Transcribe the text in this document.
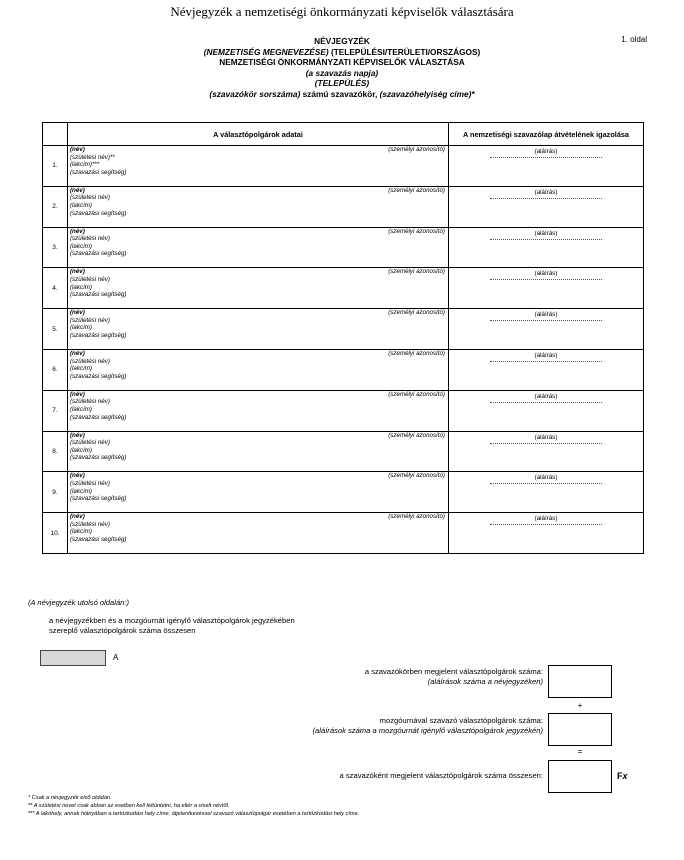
Névjegyzék a nemzetiségi önkormányzati képviselők választására
1. oldal
NÉVJEGYZÉK
(NEMZETISÉG MEGNEVEZÉSE) (TELEPÜLÉSI/TERÜLETI/ORSZÁGOS)
NEMZETISÉGI ÖNKORMÁNYZATI KÉPVISELŐK VÁLASZTÁSA
(a szavazás napja)
(TELEPÜLÉS)
(szavazókör sorszáma) számú szavazókör, (szavazóhelyiség címe)*
	A választópolgárok adatai	A nemzetiségi szavazólap átvételének igazolása
1.	(név)
(születési név)**
(lakcím)***
(szavazási segítség)
(személyi azonosító)	(aláírás)

2.	(név)
(születési név)
(lakcím)
(szavazási segítség)
(személyi azonosító)	(aláírás)

3.	(név)
(születési név)
(lakcím)
(szavazási segítség)
(személyi azonosító)	(aláírás)

4.	(név)
(születési név)
(lakcím)
(szavazási segítség)
(személyi azonosító)	(aláírás)

5.	(név)
(születési név)
(lakcím)
(szavazási segítség)
(személyi azonosító)	(aláírás)

6.	(név)
(születési név)
(lakcím)
(szavazási segítség)
(személyi azonosító)	(aláírás)

7.	(név)
(születési név)
(lakcím)
(szavazási segítség)
(személyi azonosító)	(aláírás)

8.	(név)
(születési név)
(lakcím)
(szavazási segítség)
(személyi azonosító)	(aláírás)

9.	(név)
(születési név)
(lakcím)
(szavazási segítség)
(személyi azonosító)	(aláírás)

10.	(név)
(születési név)
(lakcím)
(szavazási segítség)
(személyi azonosító)	(aláírás)
(A névjegyzék utolsó oldalán:)
a névjegyzékben és a mozgóurnát igénylő választópolgárok jegyzékében
szereplő választópolgárok száma összesen
A
a szavazókörben megjelent választópolgárok száma:
(aláírások száma a névjegyzéken)
+
mozgóurnával szavazó választópolgárok száma:
(aláírások száma a mozgóurnát igénylő választópolgárok jegyzékén)
=
a szavazóként megjelent választópolgárok száma összesen:	Fx
* Csak a névjegyzék első oldalán.
** A születési nevet csak abban az esetben kell feltüntetni, ha eltér a viselt névtől.
*** A lakóhely, annak hiányában a tartózkodási hely címe, átjelentkezéssel szavazó választópolgár esetében a tartózkodási hely címe.
